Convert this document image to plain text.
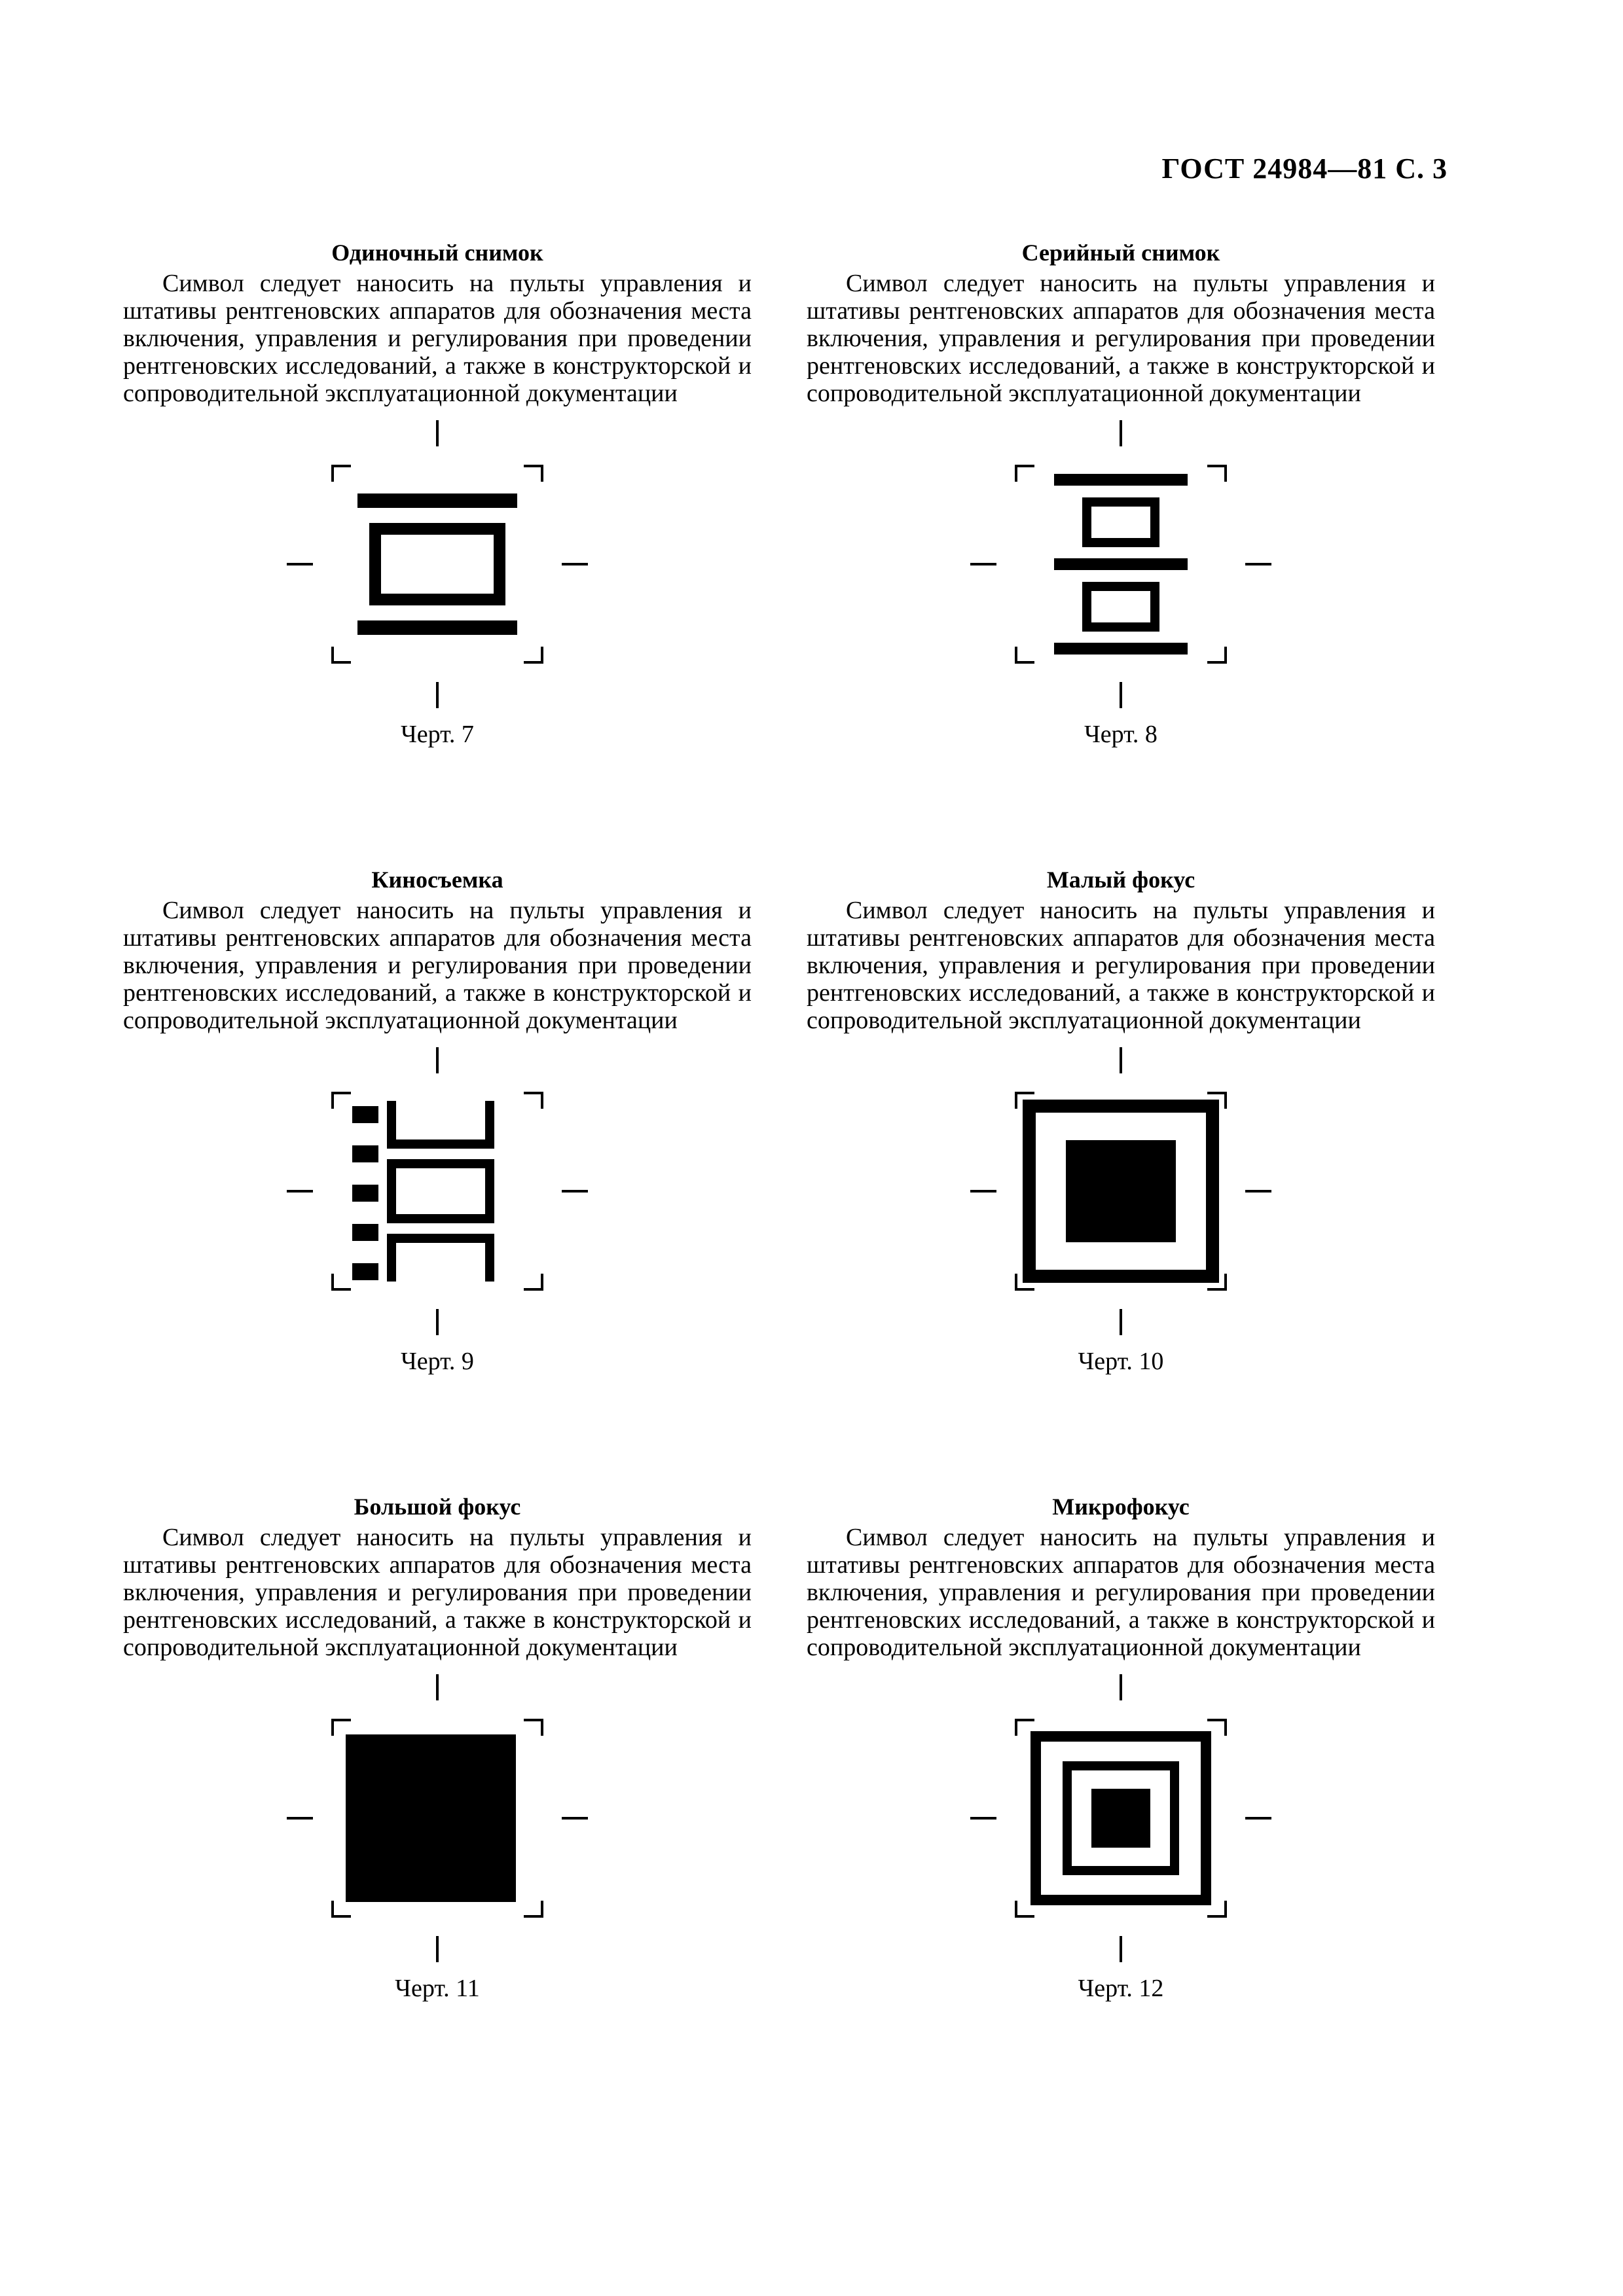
ГОСТ 24984—81 С. 3
Одиночный снимок
Символ следует наносить на пульты управления и штативы рентгеновских аппаратов для обозначения места включения, управления и регулирования при проведении рентгеновских исследований, а также в конструкторской и сопроводительной эксплуатационной документации
Черт. 7
Серийный снимок
Символ следует наносить на пульты управления и штативы рентгеновских аппаратов для обозначения места включения, управления и регулирования при проведении рентгеновских исследований, а также в конструкторской и сопроводительной эксплуатационной документации
Черт. 8
Киносъемка
Символ следует наносить на пульты управления и штативы рентгеновских аппаратов для обозначения места включения, управления и регулирования при проведении рентгеновских исследований, а также в конструкторской и сопроводительной эксплуатационной документации
Черт. 9
Малый фокус
Символ следует наносить на пульты управления и штативы рентгеновских аппаратов для обозначения места включения, управления и регулирования при проведении рентгеновских исследований, а также в конструкторской и сопроводительной эксплуатационной документации
Черт. 10
Большой фокус
Символ следует наносить на пульты управления и штативы рентгеновских аппаратов для обозначения места включения, управления и регулирования при проведении рентгеновских исследований, а также в конструкторской и сопроводительной эксплуатационной документации
Черт. 11
Микрофокус
Символ следует наносить на пульты управления и штативы рентгеновских аппаратов для обозначения места включения, управления и регулирования при проведении рентгеновских исследований, а также в конструкторской и сопроводительной эксплуатационной документации
Черт. 12
